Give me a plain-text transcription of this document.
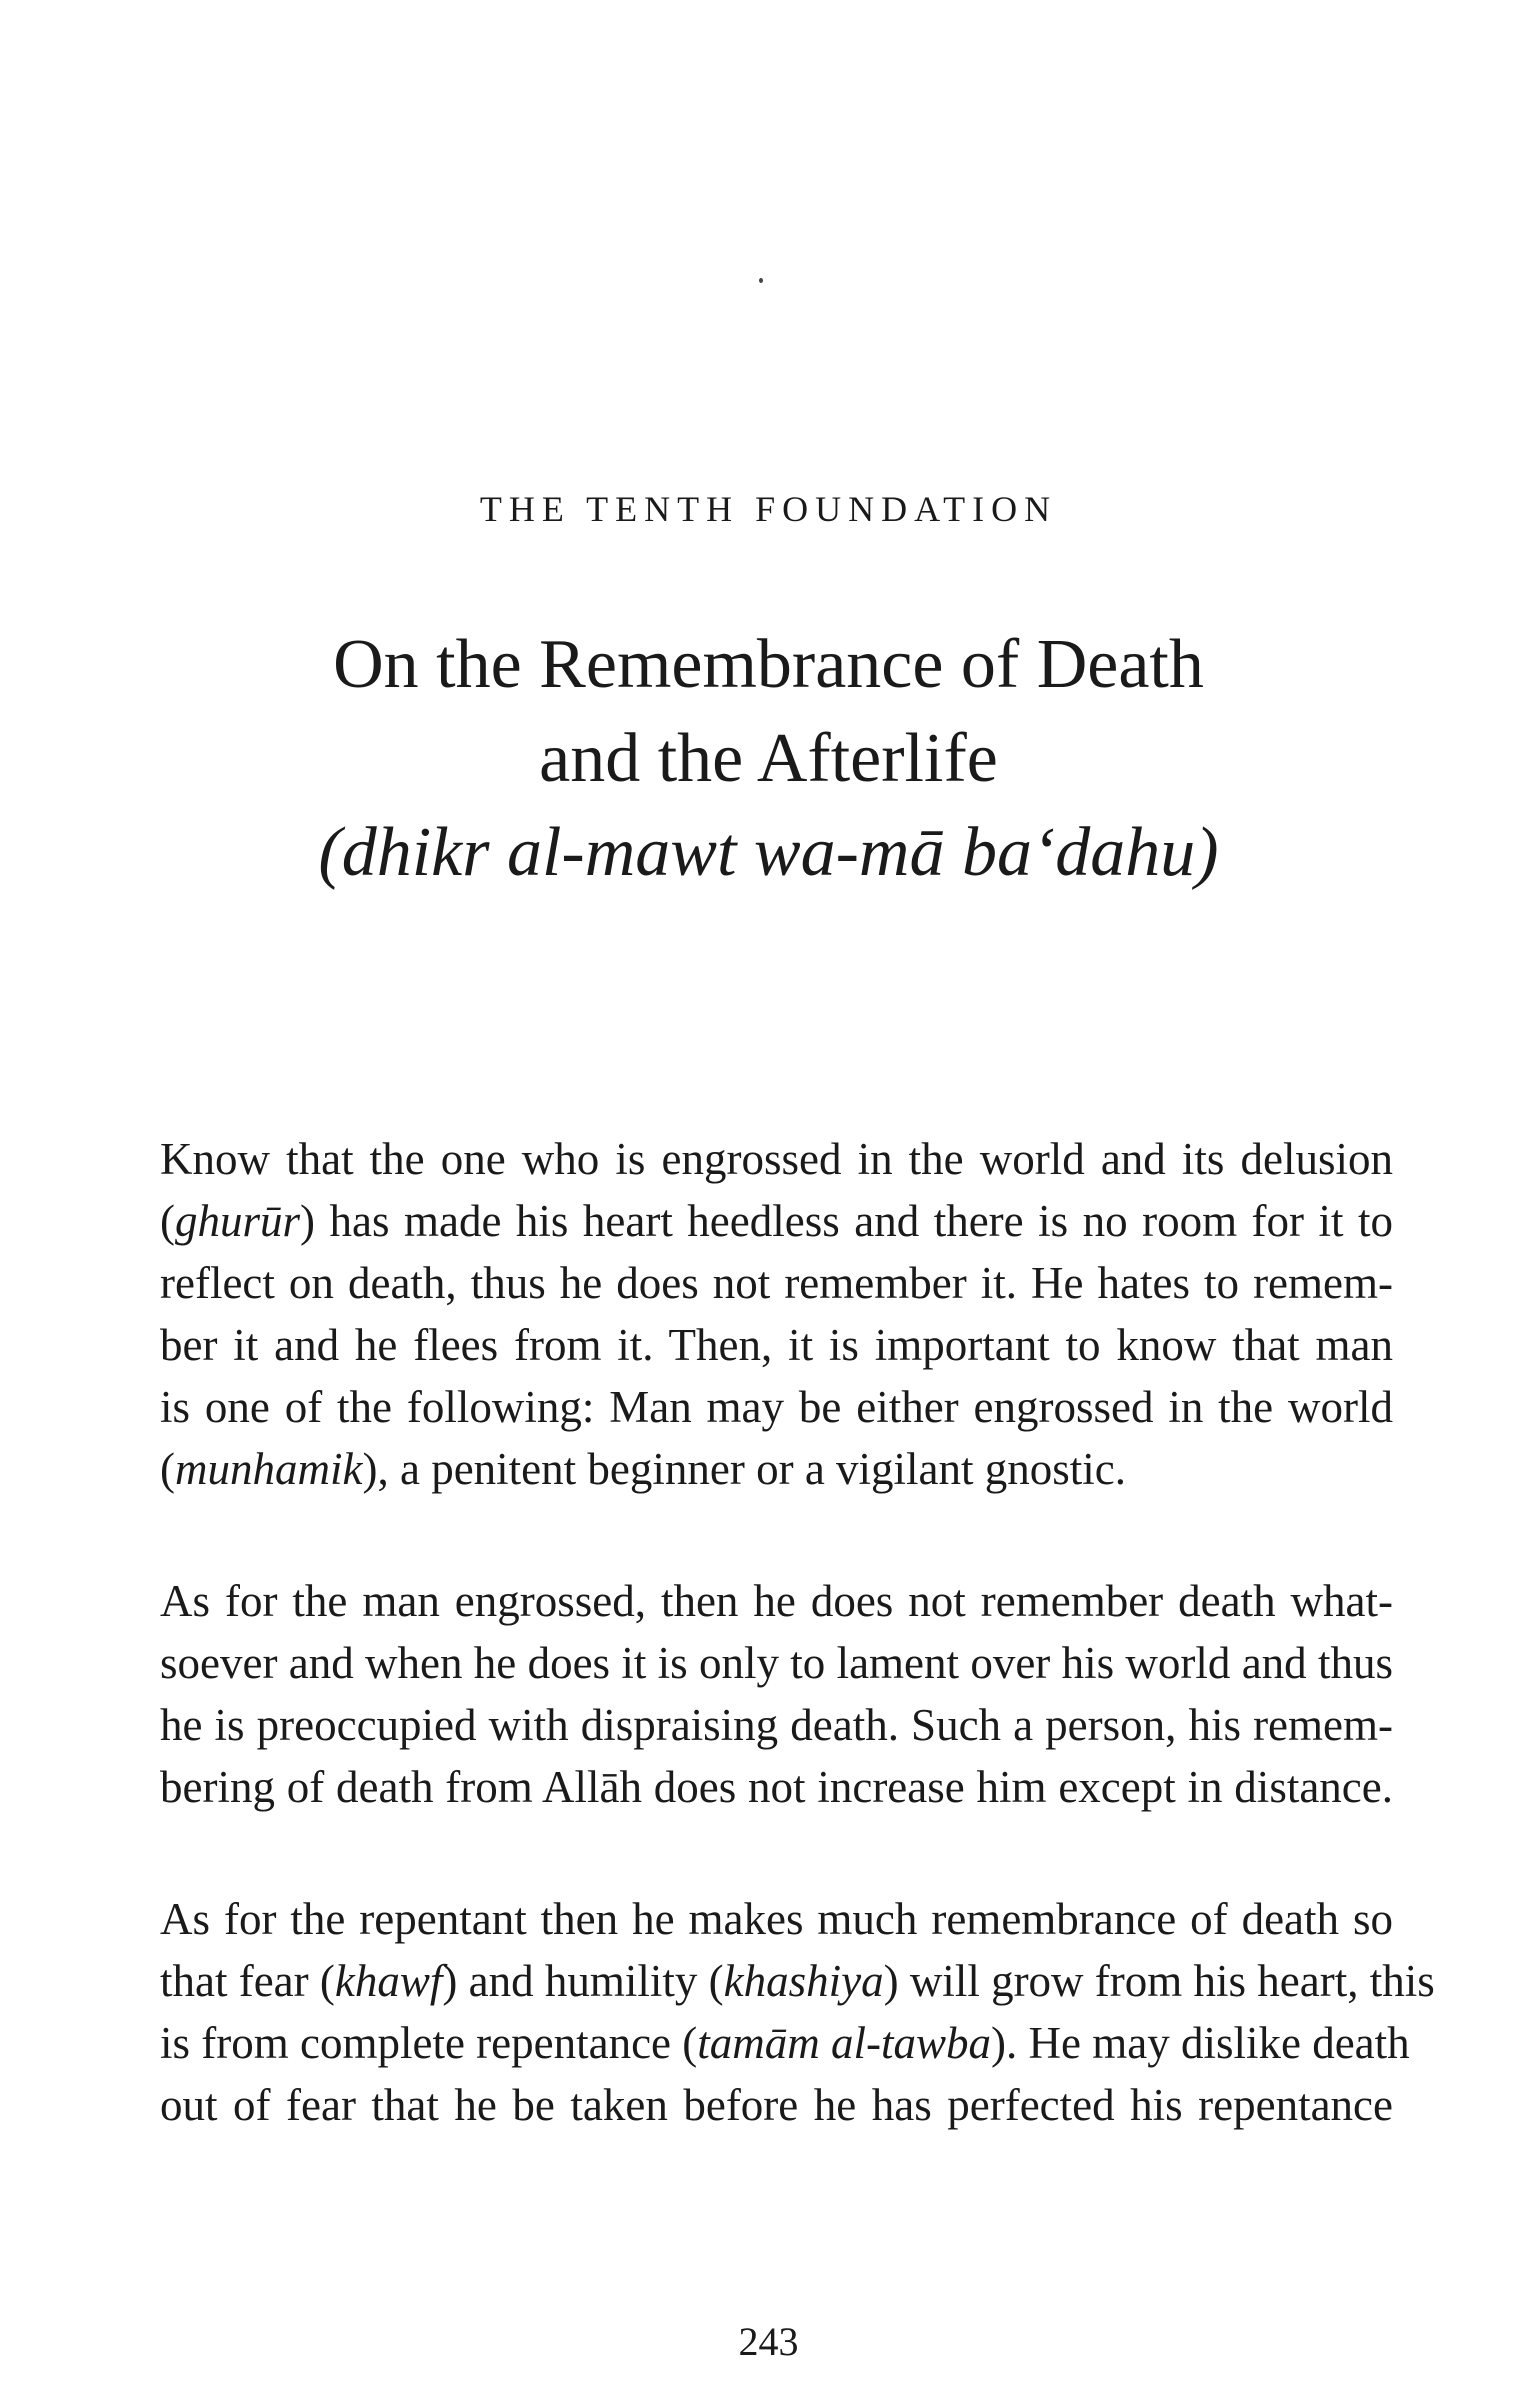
THE TENTH FOUNDATION
On the Remembrance of Death
and the Afterlife
(dhikr al-mawt wa-mā ba‘dahu)
Know that the one who is engrossed in the world and its delusion
(ghurūr) has made his heart heedless and there is no room for it to
reflect on death, thus he does not remember it. He hates to remem-
ber it and he flees from it. Then, it is important to know that man
is one of the following: Man may be either engrossed in the world
(munhamik), a penitent beginner or a vigilant gnostic.
As for the man engrossed, then he does not remember death what-
soever and when he does it is only to lament over his world and thus
he is preoccupied with dispraising death. Such a person, his remem-
bering of death from Allāh does not increase him except in distance.
As for the repentant then he makes much remembrance of death so
that fear (khawf) and humility (khashiya) will grow from his heart, this
is from complete repentance (tamām al-tawba). He may dislike death
out of fear that he be taken before he has perfected his repentance
243
